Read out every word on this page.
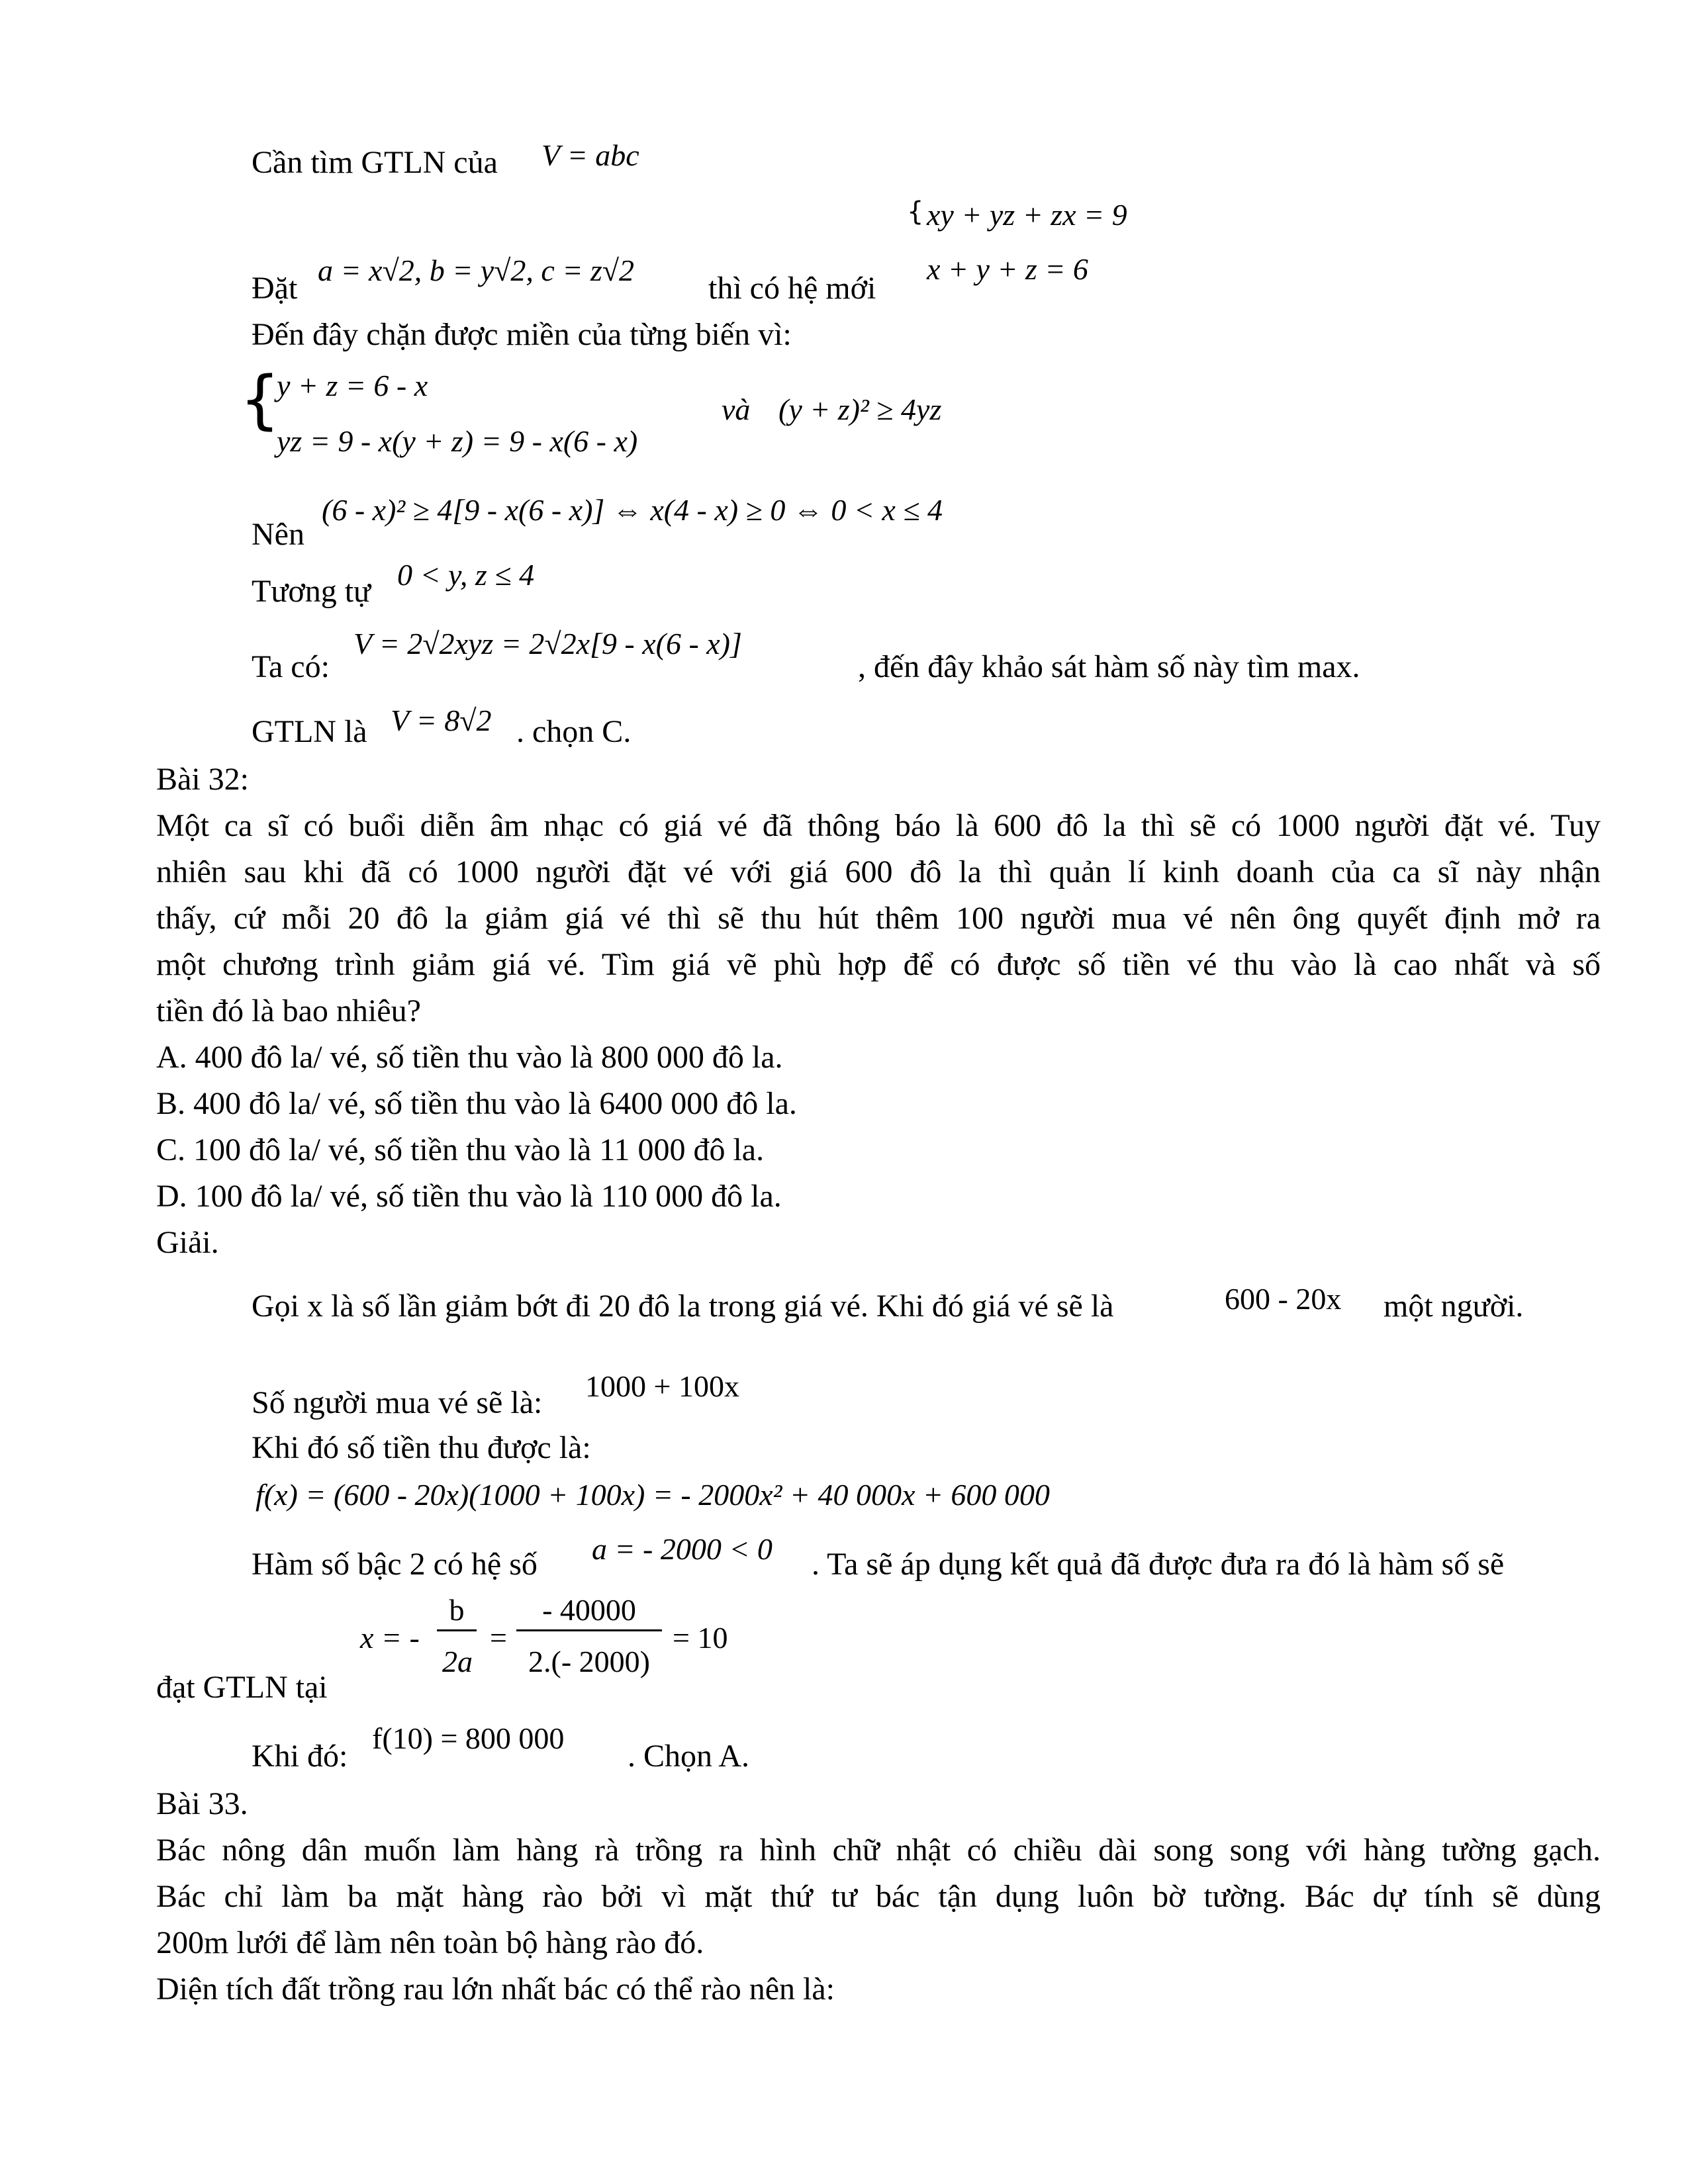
Cần tìm GTLN của V = abc
{ xy + yz + zx = 9
x + y + z = 6
Đặt
a = x√2, b = y√2, c = z√2
thì có hệ mới
Đến đây chặn được miền của từng biến vì:
{
y + z = 6 - x
yz = 9 - x(y + z) = 9 - x(6 - x)
và (y + z)² ≥ 4yz
Nên
(6 - x)² ≥ 4[9 - x(6 - x)] ⇔ x(4 - x) ≥ 0 ⇔ 0 < x ≤ 4
Tương tự 0 < y, z ≤ 4
Ta có:
V = 2√2xyz = 2√2x[9 - x(6 - x)]
, đến đây khảo sát hàm số này tìm max.
GTLN là V = 8√2 . chọn C.
Bài 32:
Một ca sĩ có buổi diễn âm nhạc có giá vé đã thông báo là 600 đô la thì sẽ có 1000 người đặt vé. Tuy
nhiên sau khi đã có 1000 người đặt vé với giá 600 đô la thì quản lí kinh doanh của ca sĩ này nhận
thấy, cứ mỗi 20 đô la giảm giá vé thì sẽ thu hút thêm 100 người mua vé nên ông quyết định mở ra
một chương trình giảm giá vé. Tìm giá vẽ phù hợp để có được số tiền vé thu vào là cao nhất và số
tiền đó là bao nhiêu?
A. 400 đô la/ vé, số tiền thu vào là 800 000 đô la.
B. 400 đô la/ vé, số tiền thu vào là 6400 000 đô la.
C. 100 đô la/ vé, số tiền thu vào là 11 000 đô la.
D. 100 đô la/ vé, số tiền thu vào là 110 000 đô la.
Giải.
Gọi x là số lần giảm bớt đi 20 đô la trong giá vé. Khi đó giá vé sẽ là	600 - 20x một người.
Số người mua vé sẽ là: 1000 + 100x
Khi đó số tiền thu được là:
f(x) = (600 - 20x)(1000 + 100x) = - 2000x² + 40 000x + 600 000
Hàm số bậc 2 có hệ số a = - 2000 < 0 . Ta sẽ áp dụng kết quả đã được đưa ra đó là hàm số sẽ
x = -
b
2a
=
- 40000
2.(- 2000)
= 10
đạt GTLN tại
Khi đó:
f(10) = 800 000
. Chọn A.
Bài 33.
Bác nông dân muốn làm hàng rà trồng ra hình chữ nhật có chiều dài song song với hàng tường gạch.
Bác chỉ làm ba mặt hàng rào bởi vì mặt thứ tư bác tận dụng luôn bờ tường. Bác dự tính sẽ dùng
200m lưới để làm nên toàn bộ hàng rào đó.
Diện tích đất trồng rau lớn nhất bác có thể rào nên là:
